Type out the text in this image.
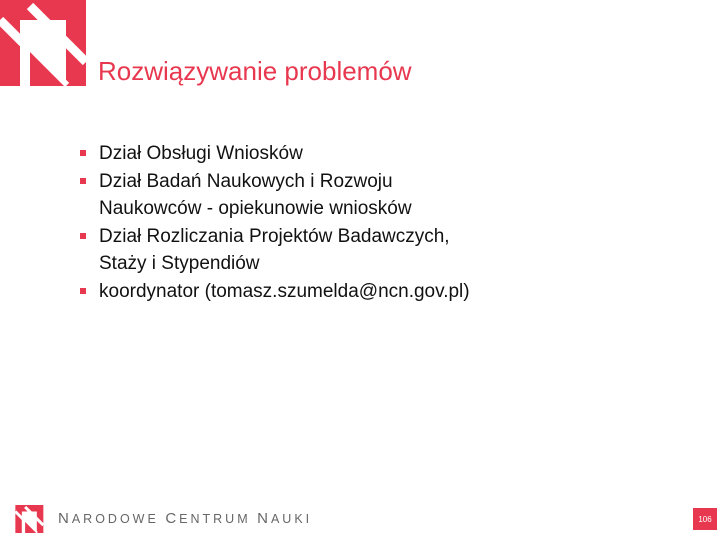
Rozwiązywanie problemów
Dział Obsługi Wniosków
Dział Badań Naukowych i Rozwoju
Naukowców - opiekunowie wniosków
Dział Rozliczania Projektów Badawczych,
Staży i Stypendiów
koordynator (tomasz.szumelda@ncn.gov.pl)
NARODOWE CENTRUM NAUKI	106
